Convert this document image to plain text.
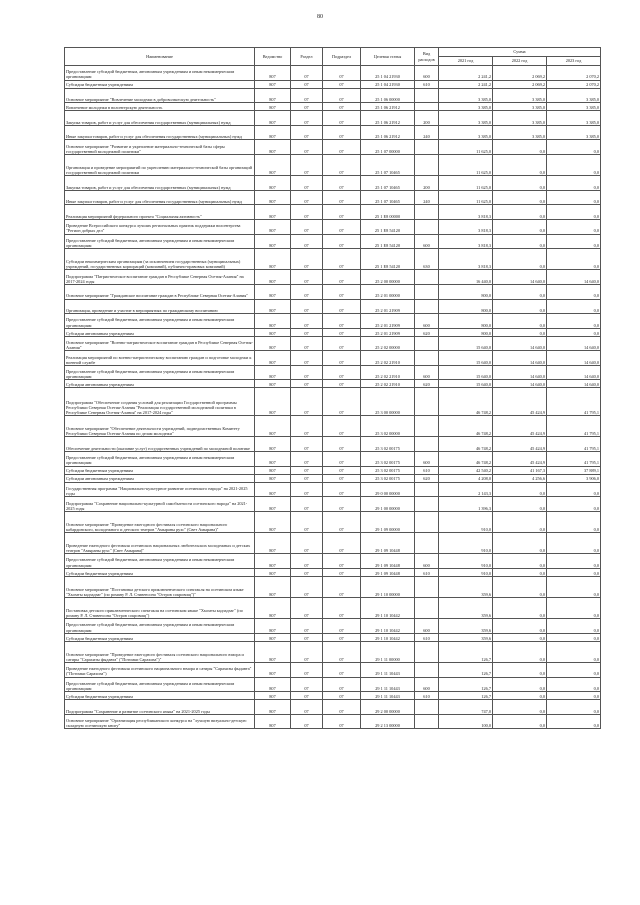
80
Наименование	Ведомство	Раздел	Подраздел	Целевая статья	Вид расходов	Сумма		
						2021 год	2022 год	2023 год
Предоставление субсидий бюджетным, автономным учреждениям и иным некоммерческим организациям	807	07	07	25 1 04 21930	600	2 241,2	2 069,2	2 070,2
Субсидии бюджетным учреждениям	807	07	07	25 1 04 21930	610	2 241,2	2 069,2	2 070,2
Основное мероприятие "Вовлечение молодежи в добровольческую деятельность"	807	07	07	25 1 06 00000		3 385,0	3 385,0	3 385,0
Вовлечение молодежи в волонтерскую деятельность	807	07	07	25 1 06 21912		3 385,0	3 385,0	3 385,0
Закупка товаров, работ и услуг для обеспечения государственных (муниципальных) нужд	807	07	07	25 1 06 21912	200	3 385,0	3 385,0	3 385,0
Иные закупки товаров, работ и услуг для обеспечения государственных (муниципальных) нужд	807	07	07	25 1 06 21912	240	3 385,0	3 385,0	3 385,0
Основное мероприятие "Развитие и укрепление материально-технической базы сферы государственной молодежной политики"	807	07	07	25 1 07 00000		11 625,0	0,0	0,0
Организация и проведение мероприятий по укреплению материально-технической базы организаций государственной молодежной политики	807	07	07	25 1 07 10465		11 625,0	0,0	0,0
Закупка товаров, работ и услуг для обеспечения государственных (муниципальных) нужд	807	07	07	25 1 07 10465	200	11 625,0	0,0	0,0
Иные закупки товаров, работ и услуг для обеспечения государственных (муниципальных) нужд	807	07	07	25 1 07 10465	240	11 625,0	0,0	0,0
Реализация мероприятий федерального проекта "Социальная активность"	807	07	07	25 1 Е8 00000		3 818,3	0,0	0,0
Проведение Всероссийского конкурса лучших региональных практик поддержки волонтерства "Регион добрых дел"	807	07	07	25 1 Е8 54120		3 818,3	0,0	0,0
Предоставление субсидий бюджетным, автономным учреждениям и иным некоммерческим организациям	807	07	07	25 1 Е8 54120	600	3 818,3	0,0	0,0
Субсидии некоммерческим организациям (за исключением государственных (муниципальных) учреждений, государственных корпораций (компаний), публично-правовых компаний)	807	07	07	25 1 Е8 54120	630	3 818,3	0,0	0,0
Подпрограмма "Патриотическое воспитание граждан в Республике Северная Осетия-Алания" на 2017-2024 годы	807	07	07	25 2 00 00000		16 440,0	14 640,0	14 640,0
Основное мероприятие "Гражданское воспитание граждан в Республике Северная Осетия-Алания"	807	07	07	25 2 01 00000		800,0	0,0	0,0
Организация, проведение и участие в мероприятиях по гражданскому воспитанию	807	07	07	25 2 01 21909		800,0	0,0	0,0
Предоставление субсидий бюджетным, автономным учреждениям и иным некоммерческим организациям	807	07	07	25 2 01 21909	600	800,0	0,0	0,0
Субсидии автономным учреждениям	807	07	07	25 2 01 21909	620	800,0	0,0	0,0
Основное мероприятие "Военно-патриотическое воспитание граждан в Республике Северная Осетия-Алания"	807	07	07	25 2 02 00000		15 640,0	14 640,0	14 640,0
Реализация мероприятий по военно-патриотическому воспитанию граждан и подготовке молодежи к военной службе	807	07	07	25 2 02 21910		15 640,0	14 640,0	14 640,0
Предоставление субсидий бюджетным, автономным учреждениям и иным некоммерческим организациям	807	07	07	25 2 02 21910	600	15 640,0	14 640,0	14 640,0
Субсидии автономным учреждениям	807	07	07	25 2 02 21910	620	15 640,0	14 640,0	14 640,0
Подпрограмма "Обеспечение создания условий для реализации Государственной программы Республики Северная Осетия-Алания "Реализация государственной молодежной политики в Республике Северная Осетия-Алания" на 2017-2024 годы"	807	07	07	25 3 00 00000		46 748,2	45 424,9	41 795,1
Основное мероприятие "Обеспечение деятельности учреждений, подведомственных Комитету Республики Северная Осетия-Алания по делам молодежи"	807	07	07	25 3 02 00000		46 748,2	45 424,9	41 795,1
Обеспечение деятельности (оказание услуг) государственных учреждений по молодежной политике	807	07	07	25 3 02 00175		46 748,2	45 424,9	41 795,1
Предоставление субсидий бюджетным, автономным учреждениям и иным некоммерческим организациям	807	07	07	25 3 02 00175	600	46 748,2	45 424,9	41 795,1
Субсидии бюджетным учреждениям	807	07	07	25 3 02 00175	610	42 540,2	41 167,3	37 889,1
Субсидии автономным учреждениям	807	07	07	25 3 02 00175	620	4 208,0	4 256,6	3 906,0
Государственная программа "Национально-культурное развитие осетинского народа" на 2021-2025 годы	807	07	07	29 0 00 00000		2 143,3	0,0	0,0
Подпрограмма "Сохранение национально-культурной самобытности осетинского народа" на 2021-2025 годы	807	07	07	29 1 00 00000		1 396,3	0,0	0,0
Основное мероприятие "Проведение ежегодного фестиваля осетинского национального кабардинского, молодежного и детского театров "Амыраны рухс" (Свет Амырана)"	807	07	07	29 1 09 00000		910,0	0,0	0,0
Проведение ежегодного фестиваля осетинских национальных любительских молодежных и детских театров "Амыраны рухс" (Свет Амырана)"	807	07	07	29 1 09 10448		910,0	0,0	0,0
Предоставление субсидий бюджетным, автономным учреждениям и иным некоммерческим организациям	807	07	07	29 1 09 10448	600	910,0	0,0	0,0
Субсидии бюджетным учреждениям	807	07	07	29 1 09 10448	610	910,0	0,0	0,0
Основное мероприятие "Постановка детского приключенческого спектакля на осетинском языке "Хъомты кадзадзаг" (по роману Р. Л. Стивенсона "Остров сокровищ")"	807	07	07	29 1 10 00000		359,6	0,0	0,0
Постановка детского приключенческого спектакля на осетинском языке "Хъомты кадзадзаг" (по роману Р. Л. Стивенсона "Остров сокровищ")	807	07	07	29 1 10 10442		359,6	0,0	0,0
Предоставление субсидий бюджетным, автономным учреждениям и иным некоммерческим организациям	807	07	07	29 1 10 10442	600	359,6	0,0	0,0
Субсидии бюджетным учреждениям	807	07	07	29 1 10 10442	610	359,6	0,0	0,0
Основное мероприятие "Проведение ежегодного фестиваля осетинского национального юмора и сатиры "Сарахизы фыдавта" ("Потомки Сарахиза")"	807	07	07	29 1 11 00000		126,7	0,0	0,0
Проведение ежегодного фестиваля осетинского национального юмора и сатиры "Сарахизы фыдавта" ("Потомки Сарахиза")	807	07	07	29 1 11 10443		126,7	0,0	0,0
Предоставление субсидий бюджетным, автономным учреждениям и иным некоммерческим организациям	807	07	07	29 1 11 10443	600	126,7	0,0	0,0
Субсидии бюджетным учреждениям	807	07	07	29 1 11 10443	610	126,7	0,0	0,0
Подпрограмма "Сохранение и развитие осетинского языка" на 2021-2025 годы	807	07	07	29 2 00 00000		747,0	0,0	0,0
Основное мероприятие "Организация республиканского конкурса на "лучшую визуально-детскую складную осетинскую книгу"	807	07	07	29 2 13 00000		100,0	0,0	0,0
